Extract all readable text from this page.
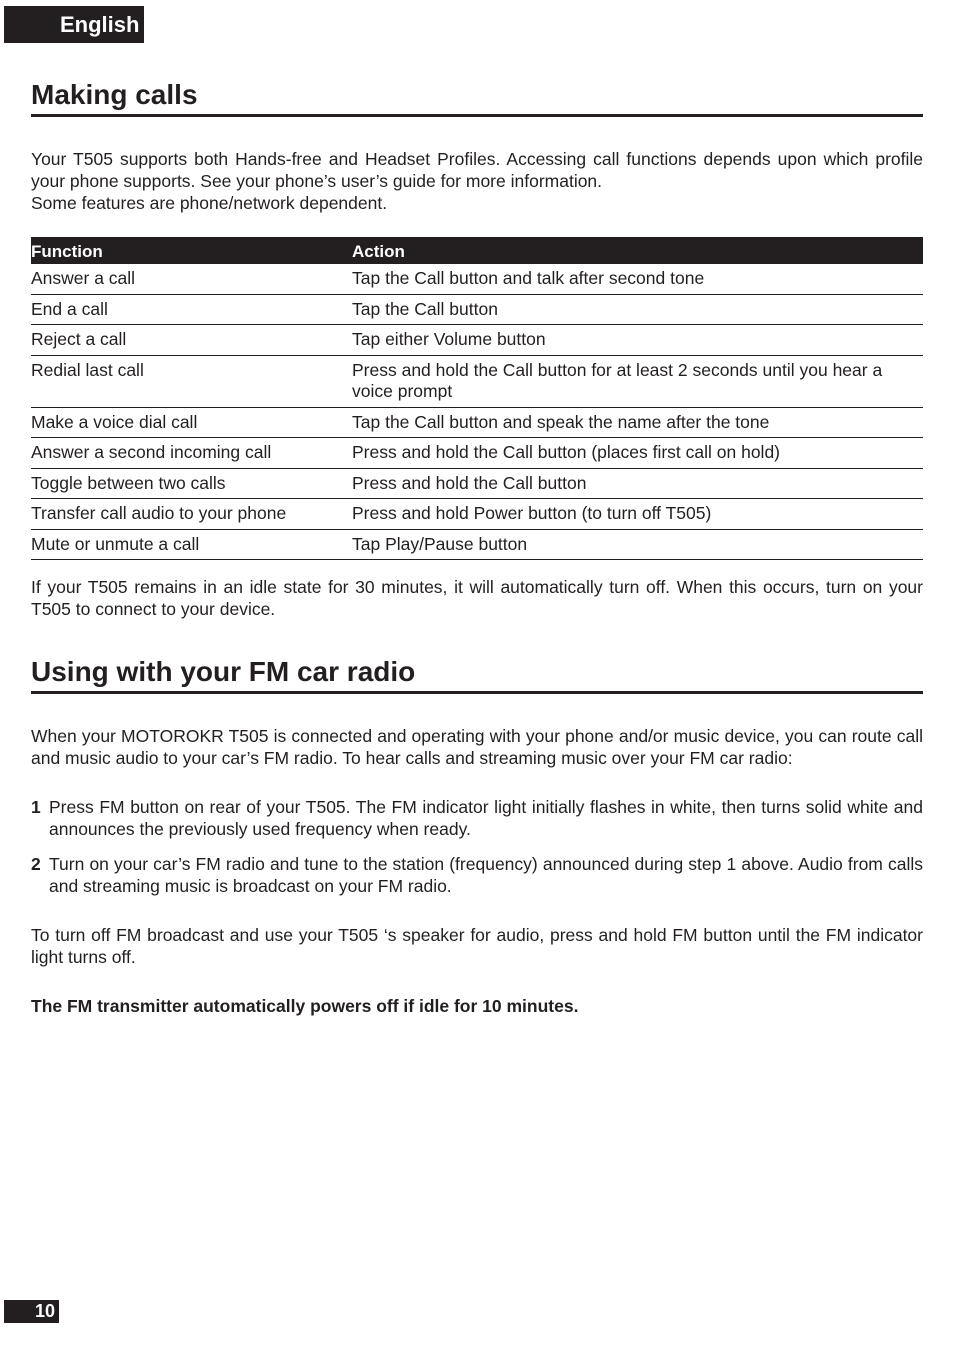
English
Making calls

Your T505 supports both Hands-free and Headset Profiles. Accessing call functions depends upon which profile your phone supports. See your phone’s user’s guide for more information.

Some features are phone/network dependent.

Function	Action
Answer a call	Tap the Call button and talk after second tone
End a call	Tap the Call button
Reject a call	Tap either Volume button
Redial last call	Press and hold the Call button for at least 2 seconds until you hear a voice prompt
Make a voice dial call	Tap the Call button and speak the name after the tone
Answer a second incoming call	Press and hold the Call button (places first call on hold)
Toggle between two calls	Press and hold the Call button
Transfer call audio to your phone	Press and hold Power button (to turn off T505)
Mute or unmute a call	Tap Play/Pause button

If your T505 remains in an idle state for 30 minutes, it will automatically turn off. When this occurs, turn on your T505 to connect to your device.

Using with your FM car radio

When your MOTOROKR T505 is connected and operating with your phone and/or music device, you can route call and music audio to your car’s FM radio. To hear calls and streaming music over your FM car radio:

1 Press FM button on rear of your T505. The FM indicator light initially flashes in white, then turns solid white and announces the previously used frequency when ready.
2 Turn on your car’s FM radio and tune to the station (frequency) announced during step 1 above. Audio from calls and streaming music is broadcast on your FM radio.

To turn off FM broadcast and use your T505 ‘s speaker for audio, press and hold FM button until the FM indicator light turns off.

The FM transmitter automatically powers off if idle for 10 minutes.

10
